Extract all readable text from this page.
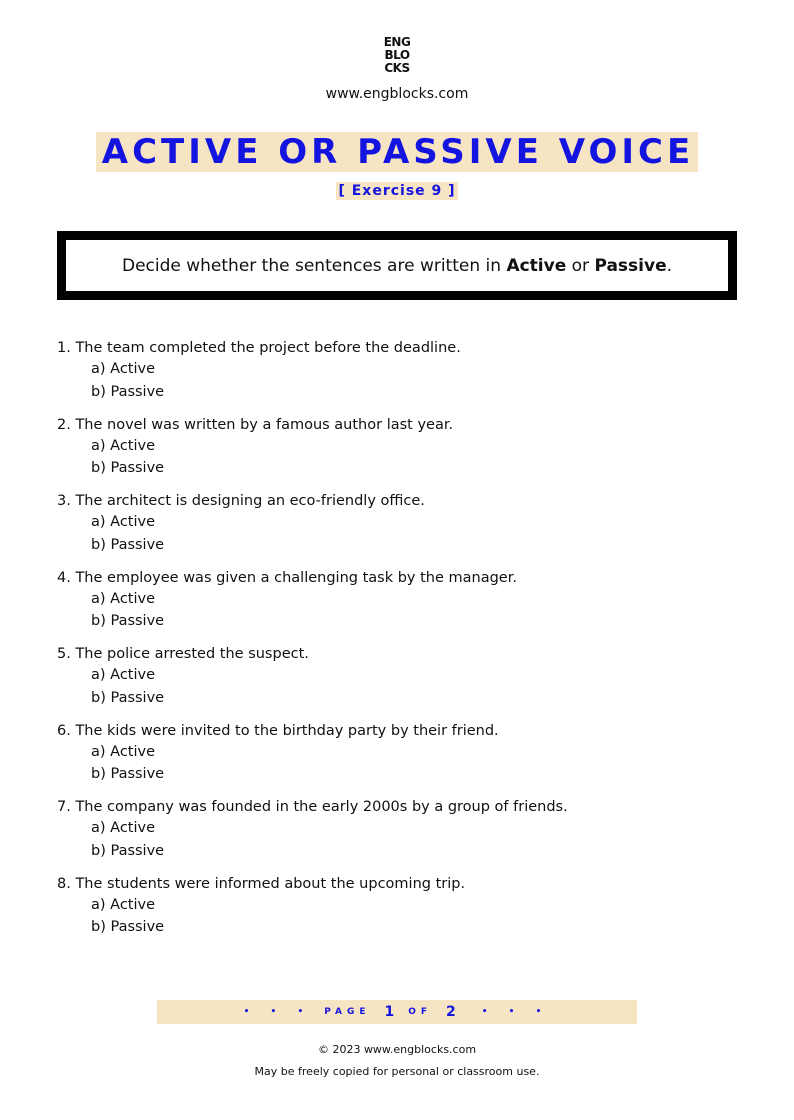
ENG
BLO
CKS
www.engblocks.com
ACTIVE OR PASSIVE VOICE
[ Exercise 9 ]
Decide whether the sentences are written in Active or Passive.
1. The team completed the project before the deadline.
a) Active
b) Passive
2. The novel was written by a famous author last year.
a) Active
b) Passive
3. The architect is designing an eco-friendly office.
a) Active
b) Passive
4. The employee was given a challenging task by the manager.
a) Active
b) Passive
5. The police arrested the suspect.
a) Active
b) Passive
6. The kids were invited to the birthday party by their friend.
a) Active
b) Passive
7. The company was founded in the early 2000s by a group of friends.
a) Active
b) Passive
8. The students were informed about the upcoming trip.
a) Active
b) Passive
• • • PAGE 1 OF 2	• • •
© 2023 www.engblocks.com
May be freely copied for personal or classroom use.
